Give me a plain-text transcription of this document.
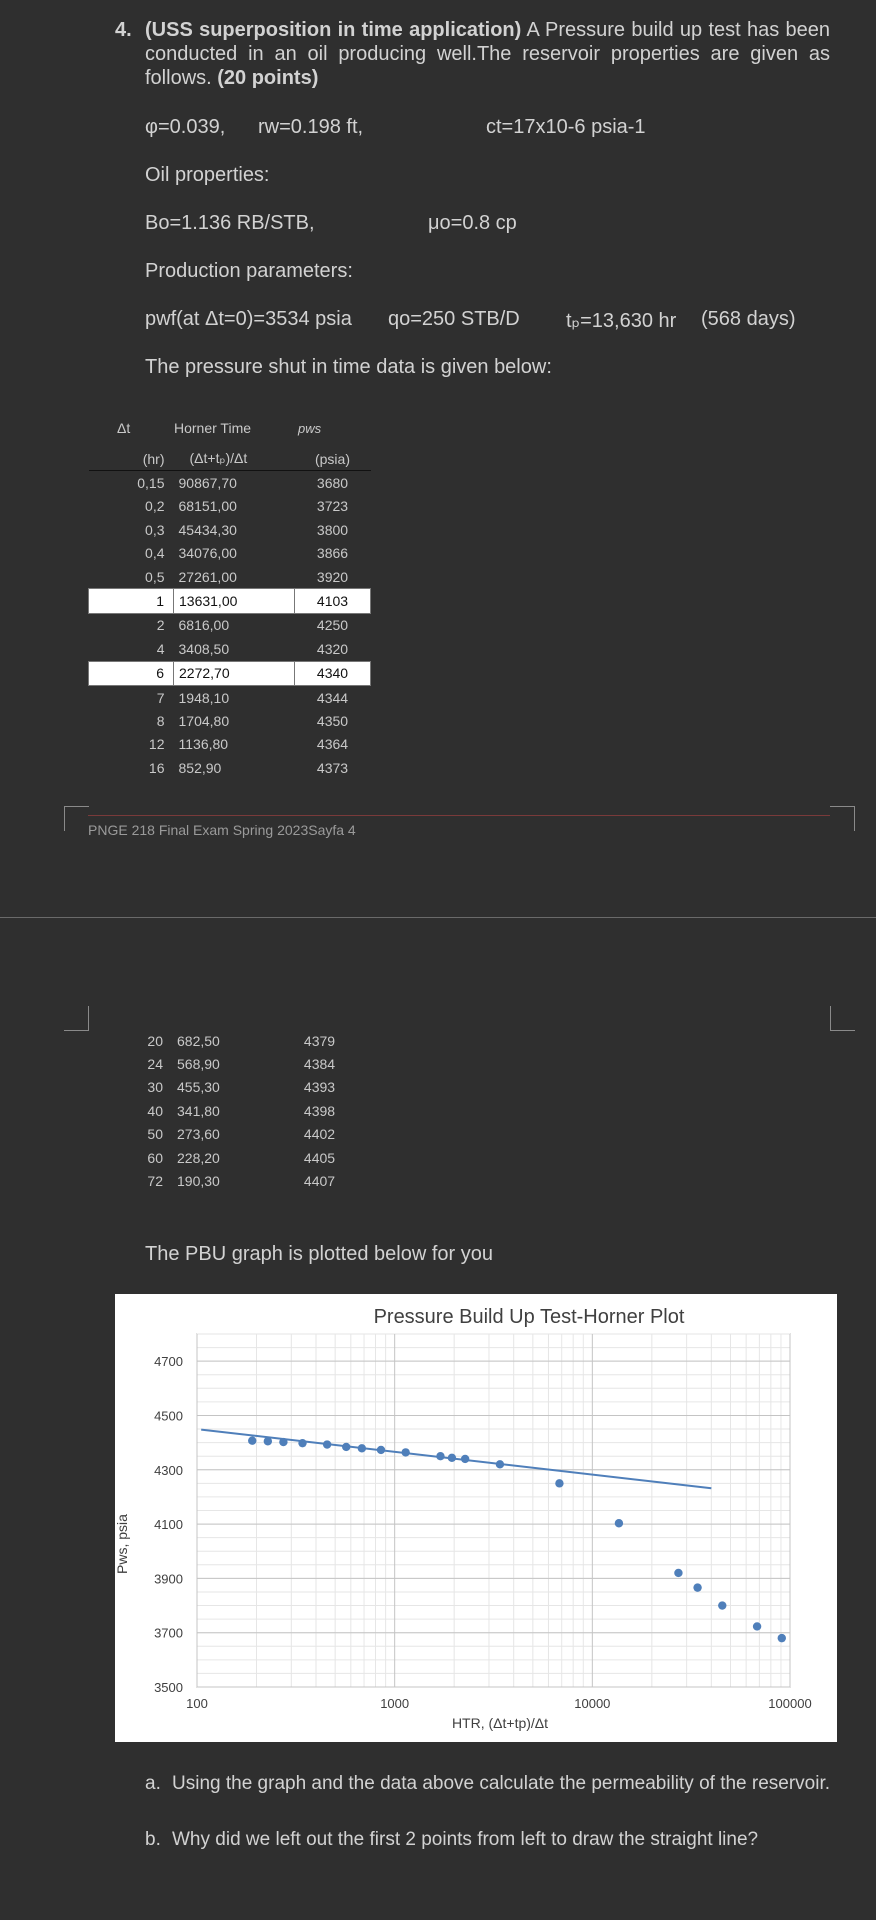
4. (USS superposition in time application) A Pressure build up test has been conducted in an oil producing well.The reservoir properties are given as follows. (20 points)
φ=0.039, rw=0.198 ft,	ct=17x10-6 psia-1
Oil properties:
Bo=1.136 RB/STB,	μo=0.8 cp
Production parameters:
pwf(at Δt=0)=3534 psia qo=250 STB/D tₚ=13,630 hr (568 days)
The pressure shut in time data is given below:
Δt	Horner Time	pws
(hr)	(Δt+tₚ)/Δt	(psia)
0,15	90867,70	3680
0,2	68151,00	3723
0,3	45434,30	3800
0,4	34076,00	3866
0,5	27261,00	3920
1	13631,00	4103
2	6816,00	4250
4	3408,50	4320
6	2272,70	4340
7	1948,10	4344
8	1704,80	4350
12	1136,80	4364
16	852,90	4373
PNGE 218 Final Exam Spring 2023Sayfa 4
20	682,50	4379
24	568,90	4384
30	455,30	4393
40	341,80	4398
50	273,60	4402
60	228,20	4405
72	190,30	4407
The PBU graph is plotted below for you
Pressure Build Up Test-Horner Plot
HTR, (Δt+tp)/Δt
Pws, psia
100	1000	10000	100000
3500
3700
3900
4100
4300
4500
4700
a. Using the graph and the data above calculate the permeability of the reservoir.
b. Why did we left out the first 2 points from left to draw the straight line?
